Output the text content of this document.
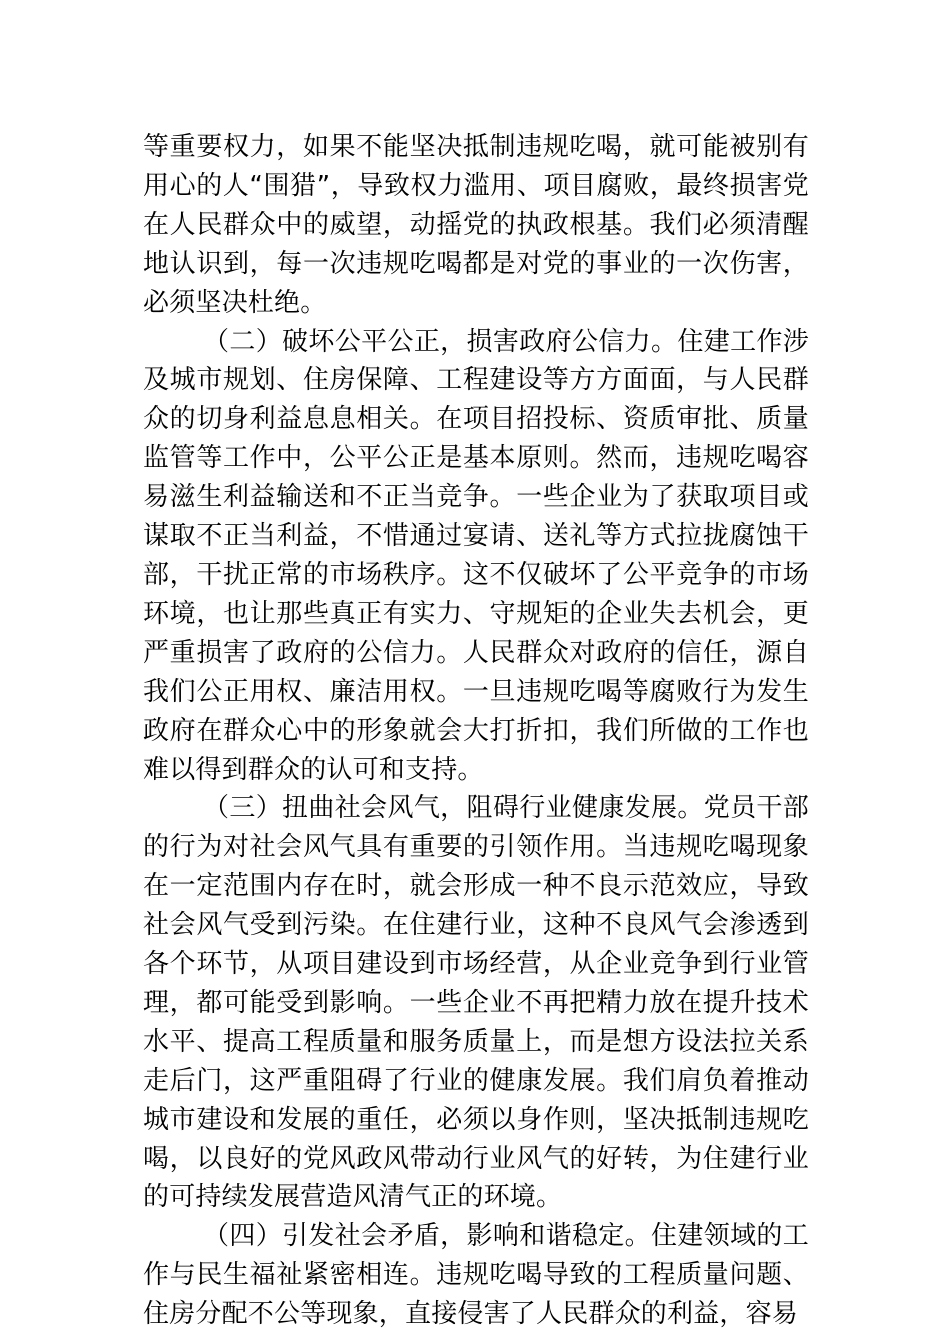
等重要权力，如果不能坚决抵制违规吃喝，就可能被别有用心的人“围猎”，导致权力滥用、项目腐败，最终损害党在人民群众中的威望，动摇党的执政根基。我们必须清醒地认识到，每一次违规吃喝都是对党的事业的一次伤害，必须坚决杜绝。

（二）破坏公平公正，损害政府公信力。住建工作涉及城市规划、住房保障、工程建设等方方面面，与人民群众的切身利益息息相关。在项目招投标、资质审批、质量监管等工作中，公平公正是基本原则。然而，违规吃喝容易滋生利益输送和不正当竞争。一些企业为了获取项目或谋取不正当利益，不惜通过宴请、送礼等方式拉拢腐蚀干部，干扰正常的市场秩序。这不仅破坏了公平竞争的市场环境，也让那些真正有实力、守规矩的企业失去机会，更严重损害了政府的公信力。人民群众对政府的信任，源自我们公正用权、廉洁用权。一旦违规吃喝等腐败行为发生政府在群众心中的形象就会大打折扣，我们所做的工作也难以得到群众的认可和支持。

（三）扭曲社会风气，阻碍行业健康发展。党员干部的行为对社会风气具有重要的引领作用。当违规吃喝现象在一定范围内存在时，就会形成一种不良示范效应，导致社会风气受到污染。在住建行业，这种不良风气会渗透到各个环节，从项目建设到市场经营，从企业竞争到行业管理，都可能受到影响。一些企业不再把精力放在提升技术水平、提高工程质量和服务质量上，而是想方设法拉关系走后门，这严重阻碍了行业的健康发展。我们肩负着推动城市建设和发展的重任，必须以身作则，坚决抵制违规吃喝，以良好的党风政风带动行业风气的好转，为住建行业的可持续发展营造风清气正的环境。

（四）引发社会矛盾，影响和谐稳定。住建领域的工作与民生福祉紧密相连。违规吃喝导致的工程质量问题、住房分配不公等现象，直接侵害了人民群众的利益，容易
